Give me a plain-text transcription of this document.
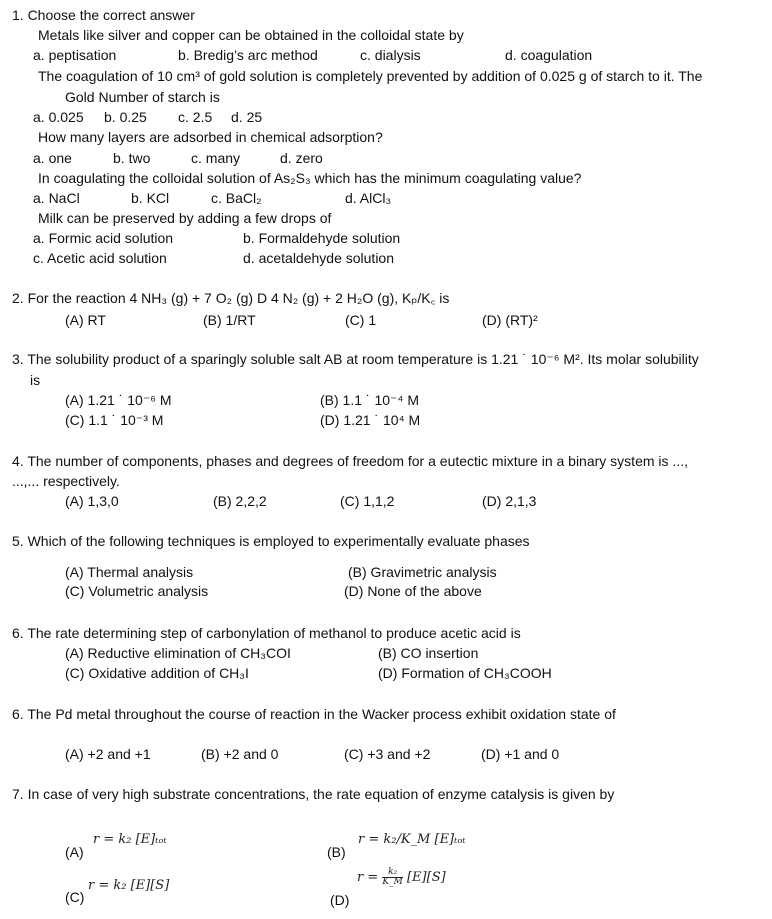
1. Choose the correct answer
Metals like silver and copper can be obtained in the colloidal state by
a. peptisation	b. Bredig’s arc method	c. dialysis	d. coagulation
The coagulation of 10 cm³ of gold solution is completely prevented by addition of 0.025 g of starch to it. The
Gold Number of starch is
a. 0.025 b. 0.25 c. 2.5 d. 25
How many layers are adsorbed in chemical adsorption?
a. one	b. two	c. many	d. zero
In coagulating the colloidal solution of As₂S₃ which has the minimum coagulating value?
a. NaCl	b. KCl	c. BaCl₂	d. AlCl₃
Milk can be preserved by adding a few drops of
a. Formic acid solution	b. Formaldehyde solution
c. Acetic acid solution	d. acetaldehyde solution
2. For the reaction 4 NH₃ (g) + 7 O₂ (g) D 4 N₂ (g) + 2 H₂O (g), Kₚ/K꜀ is
(A) RT	(B) 1/RT	(C) 1	(D) (RT)²
3. The solubility product of a sparingly soluble salt AB at room temperature is 1.21 ˙ 10⁻⁶ M². Its molar solubility
is
(A) 1.21 ˙ 10⁻⁶ M	(B) 1.1 ˙ 10⁻⁴ M
(C) 1.1 ˙ 10⁻³ M	(D) 1.21 ˙ 10⁴ M
4. The number of components, phases and degrees of freedom for a eutectic mixture in a binary system is ...,
...,... respectively.
(A) 1,3,0	(B) 2,2,2	(C) 1,1,2	(D) 2,1,3
5. Which of the following techniques is employed to experimentally evaluate phases
(A) Thermal analysis	(B) Gravimetric analysis
(C) Volumetric analysis	(D) None of the above
6. The rate determining step of carbonylation of methanol to produce acetic acid is
(A) Reductive elimination of CH₃COI	(B) CO insertion
(C) Oxidative addition of CH₃I	(D) Formation of CH₃COOH
6. The Pd metal throughout the course of reaction in the Wacker process exhibit oxidation state of
(A) +2 and +1	(B) +2 and 0	(C) +3 and +2	(D) +1 and 0
7. In case of very high substrate concentrations, the rate equation of enzyme catalysis is given by
(A)
r = k₂ [E]ₜₒₜ
(B)
r = k₂/K_M [E]ₜₒₜ
(C)
r = k₂ [E][S]
(D)
$r = \frac{\text{k₂}}{K\_M} [E][S]$
